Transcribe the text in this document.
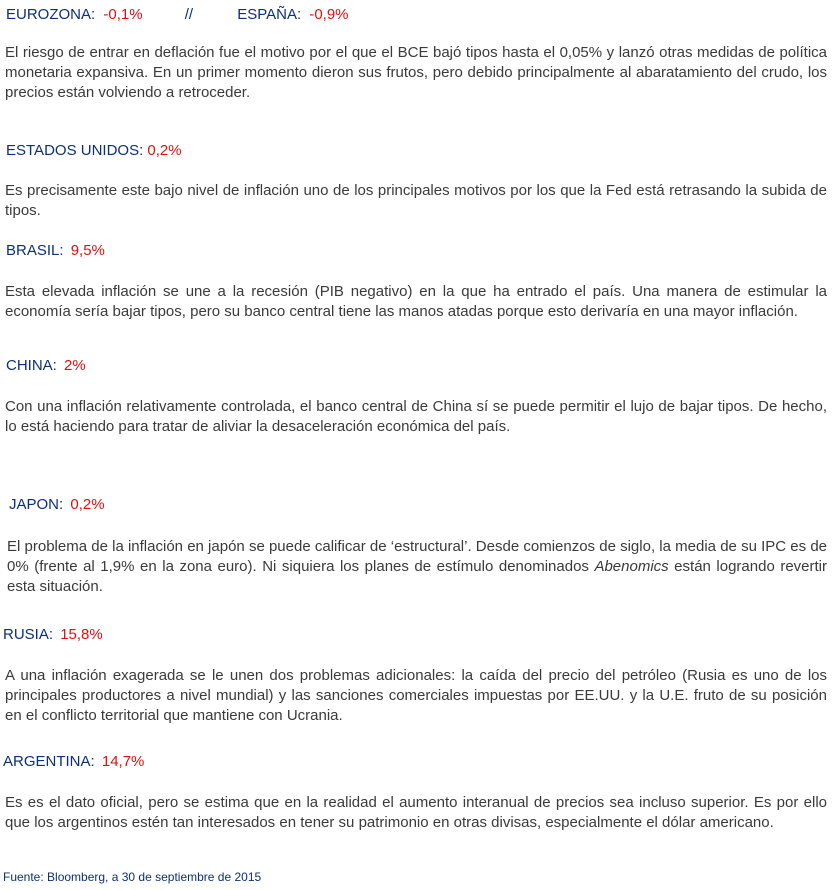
EUROZONA: -0,1%	//	ESPAÑA: -0,9%
El riesgo de entrar en deflación fue el motivo por el que el BCE bajó tipos hasta el 0,05% y lanzó otras medidas de política monetaria expansiva. En un primer momento dieron sus frutos, pero debido principalmente al abaratamiento del crudo, los precios están volviendo a retroceder.
ESTADOS UNIDOS: 0,2%
Es precisamente este bajo nivel de inflación uno de los principales motivos por los que la Fed está retrasando la subida de tipos.
BRASIL: 9,5%
Esta elevada inflación se une a la recesión (PIB negativo) en la que ha entrado el país. Una manera de estimular la economía sería bajar tipos, pero su banco central tiene las manos atadas porque esto derivaría en una mayor inflación.
CHINA: 2%
Con una inflación relativamente controlada, el banco central de China sí se puede permitir el lujo de bajar tipos. De hecho, lo está haciendo para tratar de aliviar la desaceleración económica del país.
JAPON: 0,2%
El problema de la inflación en japón se puede calificar de ‘estructural’. Desde comienzos de siglo, la media de su IPC es de 0% (frente al 1,9% en la zona euro). Ni siquiera los planes de estímulo denominados Abenomics están logrando revertir esta situación.
RUSIA: 15,8%
A una inflación exagerada se le unen dos problemas adicionales: la caída del precio del petróleo (Rusia es uno de los principales productores a nivel mundial) y las sanciones comerciales impuestas por EE.UU. y la U.E. fruto de su posición en el conflicto territorial que mantiene con Ucrania.
ARGENTINA: 14,7%
Es es el dato oficial, pero se estima que en la realidad el aumento interanual de precios sea incluso superior. Es por ello que los argentinos estén tan interesados en tener su patrimonio en otras divisas, especialmente el dólar americano.
Fuente: Bloomberg, a 30 de septiembre de 2015
